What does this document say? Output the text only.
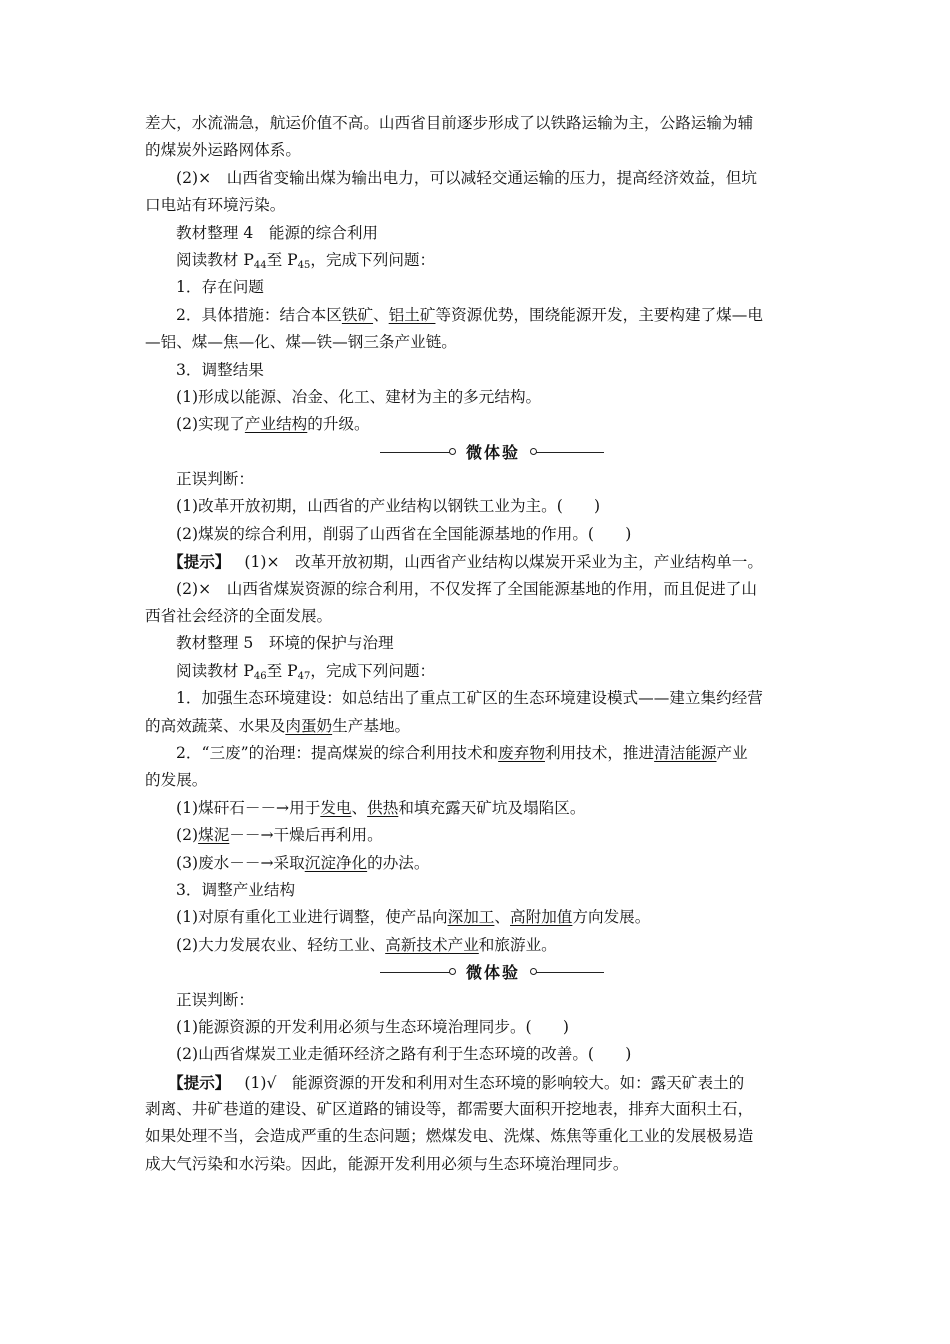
差大，水流湍急，航运价值不高。山西省目前逐步形成了以铁路运输为主，公路运输为辅
的煤炭外运路网体系。
(2)×　山西省变输出煤为输出电力，可以减轻交通运输的压力，提高经济效益，但坑
口电站有环境污染。
教材整理 4　能源的综合利用
阅读教材 $P_{44}$至 $P_{45}$，完成下列问题：
1．存在问题
2．具体措施：结合本区铁矿、铝土矿等资源优势，围绕能源开发，主要构建了煤—电
—铝、煤—焦—化、煤—铁—钢三条产业链。
3．调整结果
(1)形成以能源、冶金、化工、建材为主的多元结构。
(2)实现了产业结构的升级。
微体验
正误判断：
(1)改革开放初期，山西省的产业结构以钢铁工业为主。(　　)
(2)煤炭的综合利用，削弱了山西省在全国能源基地的作用。(　　)
【提示】 (1)×　改革开放初期，山西省产业结构以煤炭开采业为主，产业结构单一。
(2)×　山西省煤炭资源的综合利用，不仅发挥了全国能源基地的作用，而且促进了山
西省社会经济的全面发展。
教材整理 5　环境的保护与治理
阅读教材 $P_{46}$至 $P_{47}$，完成下列问题：
1．加强生态环境建设：如总结出了重点工矿区的生态环境建设模式——建立集约经营
的高效蔬菜、水果及肉蛋奶生产基地。
2．“三废”的治理：提高煤炭的综合利用技术和废弃物利用技术，推进清洁能源产业
的发展。
(1)煤矸石－－→用于发电、供热和填充露天矿坑及塌陷区。
(2)煤泥－－→干燥后再利用。
(3)废水－－→采取沉淀净化的办法。
3．调整产业结构
(1)对原有重化工业进行调整，使产品向深加工、高附加值方向发展。
(2)大力发展农业、轻纺工业、高新技术产业和旅游业。
微体验
正误判断：
(1)能源资源的开发利用必须与生态环境治理同步。(　　)
(2)山西省煤炭工业走循环经济之路有利于生态环境的改善。(　　)
【提示】 (1)√　能源资源的开发和利用对生态环境的影响较大。如：露天矿表土的
剥离、井矿巷道的建设、矿区道路的铺设等，都需要大面积开挖地表，排弃大面积土石，
如果处理不当，会造成严重的生态问题；燃煤发电、洗煤、炼焦等重化工业的发展极易造
成大气污染和水污染。因此，能源开发利用必须与生态环境治理同步。
